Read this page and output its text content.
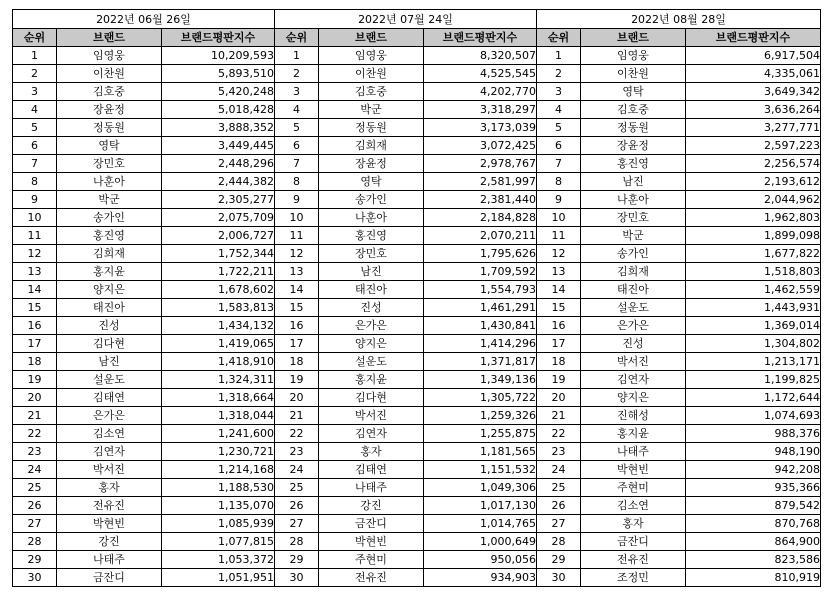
2022년 06월 26일			2022년 07월 24일			2022년 08월 28일		
순위	브랜드	브랜드평판지수	순위	브랜드	브랜드평판지수	순위	브랜드	브랜드평판지수
1	임영웅	10,209,593	1	임영웅	8,320,507	1	임영웅	6,917,504
2	이찬원	5,893,510	2	이찬원	4,525,545	2	이찬원	4,335,061
3	김호중	5,420,248	3	김호중	4,202,770	3	영탁	3,649,342
4	장윤정	5,018,428	4	박군	3,318,297	4	김호중	3,636,264
5	정동원	3,888,352	5	정동원	3,173,039	5	정동원	3,277,771
6	영탁	3,449,445	6	김희재	3,072,425	6	장윤정	2,597,223
7	장민호	2,448,296	7	장윤정	2,978,767	7	홍진영	2,256,574
8	나훈아	2,444,382	8	영탁	2,581,997	8	남진	2,193,612
9	박군	2,305,277	9	송가인	2,381,440	9	나훈아	2,044,962
10	송가인	2,075,709	10	나훈아	2,184,828	10	장민호	1,962,803
11	홍진영	2,006,727	11	홍진영	2,070,211	11	박군	1,899,098
12	김희재	1,752,344	12	장민호	1,795,626	12	송가인	1,677,822
13	홍지윤	1,722,211	13	남진	1,709,592	13	김희재	1,518,803
14	양지은	1,678,602	14	태진아	1,554,793	14	태진아	1,462,559
15	태진아	1,583,813	15	진성	1,461,291	15	설운도	1,443,931
16	진성	1,434,132	16	은가은	1,430,841	16	은가은	1,369,014
17	김다현	1,419,065	17	양지은	1,414,296	17	진성	1,304,802
18	남진	1,418,910	18	설운도	1,371,817	18	박서진	1,213,171
19	설운도	1,324,311	19	홍지윤	1,349,136	19	김연자	1,199,825
20	김태연	1,318,664	20	김다현	1,305,722	20	양지은	1,172,644
21	은가은	1,318,044	21	박서진	1,259,326	21	진해성	1,074,693
22	김소연	1,241,600	22	김연자	1,255,875	22	홍지윤	988,376
23	김연자	1,230,721	23	홍자	1,181,565	23	나태주	948,190
24	박서진	1,214,168	24	김태연	1,151,532	24	박현빈	942,208
25	홍자	1,188,530	25	나태주	1,049,306	25	주현미	935,366
26	전유진	1,135,070	26	강진	1,017,130	26	김소연	879,542
27	박현빈	1,085,939	27	금잔디	1,014,765	27	홍자	870,768
28	강진	1,077,815	28	박현빈	1,000,649	28	금잔디	864,900
29	나태주	1,053,372	29	주현미	950,056	29	전유진	823,586
30	금잔디	1,051,951	30	전유진	934,903	30	조정민	810,919
